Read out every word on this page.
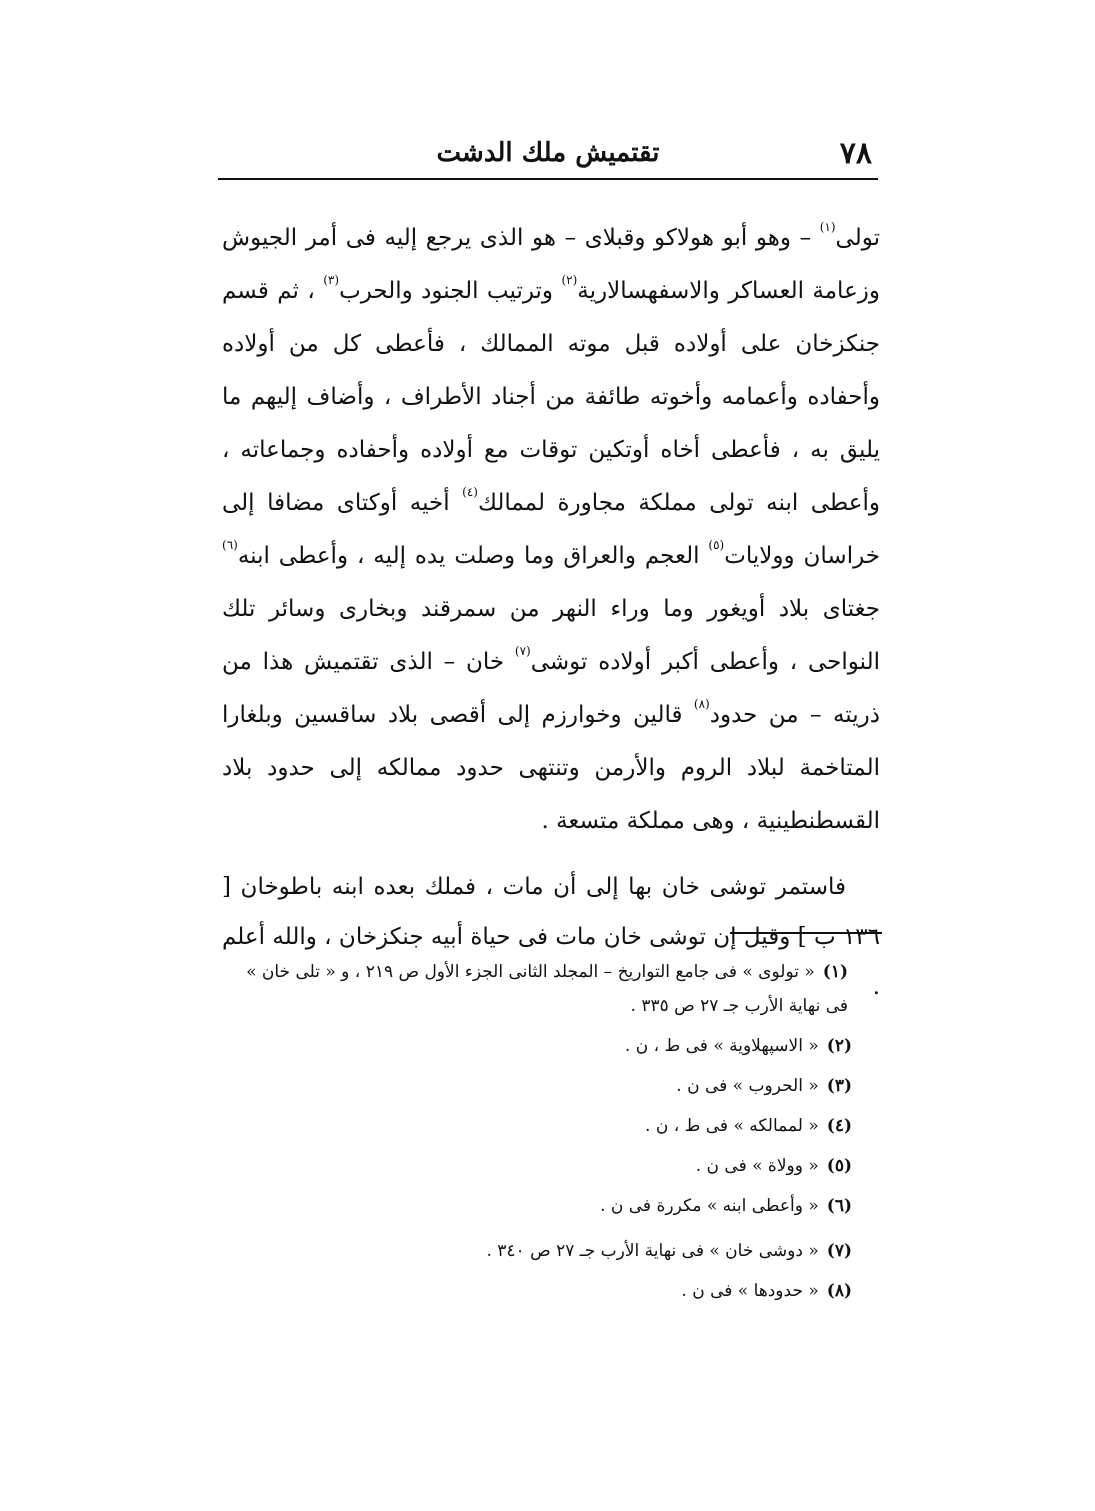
٧٨
تقتميش ملك الدشت

تولى$^{(١)}$ – وهو أبو هولاكو وقبلاى – هو الذى يرجع إليه فى أمر الجيوش وزعامة العساكر والاسفهسالارية$^{(٢)}$ وترتيب الجنود والحرب$^{(٣)}$ ، ثم قسم جنكزخان على أولاده قبل موته الممالك ، فأعطى كل من أولاده وأحفاده وأعمامه وأخوته طائفة من أجناد الأطراف ، وأضاف إليهم ما يليق به ، فأعطى أخاه أوتكين توقات مع أولاده وأحفاده وجماعاته ، وأعطى ابنه تولى مملكة مجاورة لممالك$^{(٤)}$ أخيه أوكتاى مضافا إلى خراسان وولايات$^{(٥)}$ العجم والعراق وما وصلت يده إليه ، وأعطى ابنه$^{(٦)}$ جغتاى بلاد أويغور وما وراء النهر من سمرقند وبخارى وسائر تلك النواحى ، وأعطى أكبر أولاده توشى$^{(٧)}$ خان – الذى تقتميش هذا من ذريته – من حدود$^{(٨)}$ قالين وخوارزم إلى أقصى بلاد ساقسين وبلغارا المتاخمة لبلاد الروم والأرمن وتنتهى حدود ممالكه إلى حدود بلاد القسطنطينية ، وهى مملكة متسعة .

فاستمر توشى خان بها إلى أن مات ، فملك بعده ابنه باطوخان [ ١٣٦ ب ] وقيل إن توشى خان مات فى حياة أبيه جنكزخان ، والله أعلم .

(١)« تولوى » فى جامع التواريخ – المجلد الثانى الجزء الأول ص ٢١٩ ، و « تلى خان » فى نهاية الأرب جـ ٢٧ ص ٣٣٥ .

(٢)« الاسپهلاوية » فى ط ، ن .

(٣)« الحروب » فى ن .

(٤)« لممالكه » فى ط ، ن .

(٥)« وولاة » فى ن .

(٦)« وأعطى ابنه » مكررة فى ن .

(٧)« دوشى خان » فى نهاية الأرب جـ ٢٧ ص ٣٤٠ .

(٨)« حدودها » فى ن .
